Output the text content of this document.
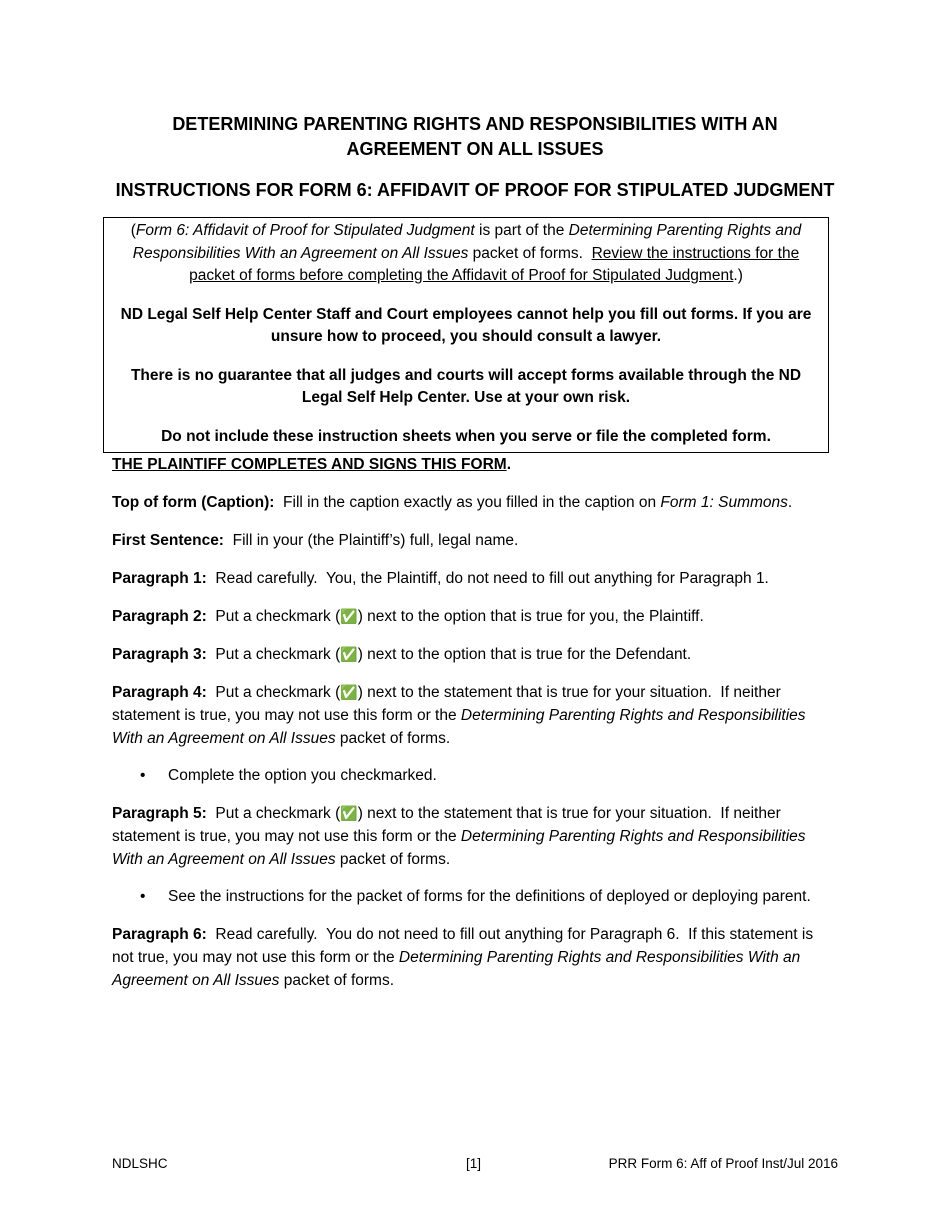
DETERMINING PARENTING RIGHTS AND RESPONSIBILITIES WITH AN
AGREEMENT ON ALL ISSUES
INSTRUCTIONS FOR FORM 6: AFFIDAVIT OF PROOF FOR STIPULATED JUDGMENT

(Form 6: Affidavit of Proof for Stipulated Judgment is part of the Determining Parenting Rights and Responsibilities With an Agreement on All Issues packet of forms.  Review the instructions for the packet of forms before completing the Affidavit of Proof for Stipulated Judgment.)

ND Legal Self Help Center Staff and Court employees cannot help you fill out forms. If you are unsure how to proceed, you should consult a lawyer.

There is no guarantee that all judges and courts will accept forms available through the ND Legal Self Help Center. Use at your own risk.

Do not include these instruction sheets when you serve or file the completed form.

THE PLAINTIFF COMPLETES AND SIGNS THIS FORM.

Top of form (Caption):  Fill in the caption exactly as you filled in the caption on Form 1: Summons.

First Sentence:  Fill in your (the Plaintiff’s) full, legal name.

Paragraph 1:  Read carefully.  You, the Plaintiff, do not need to fill out anything for Paragraph 1.

Paragraph 2:  Put a checkmark (✅) next to the option that is true for you, the Plaintiff.

Paragraph 3:  Put a checkmark (✅) next to the option that is true for the Defendant.

Paragraph 4:  Put a checkmark (✅) next to the statement that is true for your situation.  If neither statement is true, you may not use this form or the Determining Parenting Rights and Responsibilities With an Agreement on All Issues packet of forms.

• Complete the option you checkmarked.

Paragraph 5:  Put a checkmark (✅) next to the statement that is true for your situation.  If neither statement is true, you may not use this form or the Determining Parenting Rights and Responsibilities With an Agreement on All Issues packet of forms.

• See the instructions for the packet of forms for the definitions of deployed or deploying parent.

Paragraph 6:  Read carefully.  You do not need to fill out anything for Paragraph 6.  If this statement is not true, you may not use this form or the Determining Parenting Rights and Responsibilities With an Agreement on All Issues packet of forms.

NDLSHC	[1]	PRR Form 6: Aff of Proof Inst/Jul 2016
